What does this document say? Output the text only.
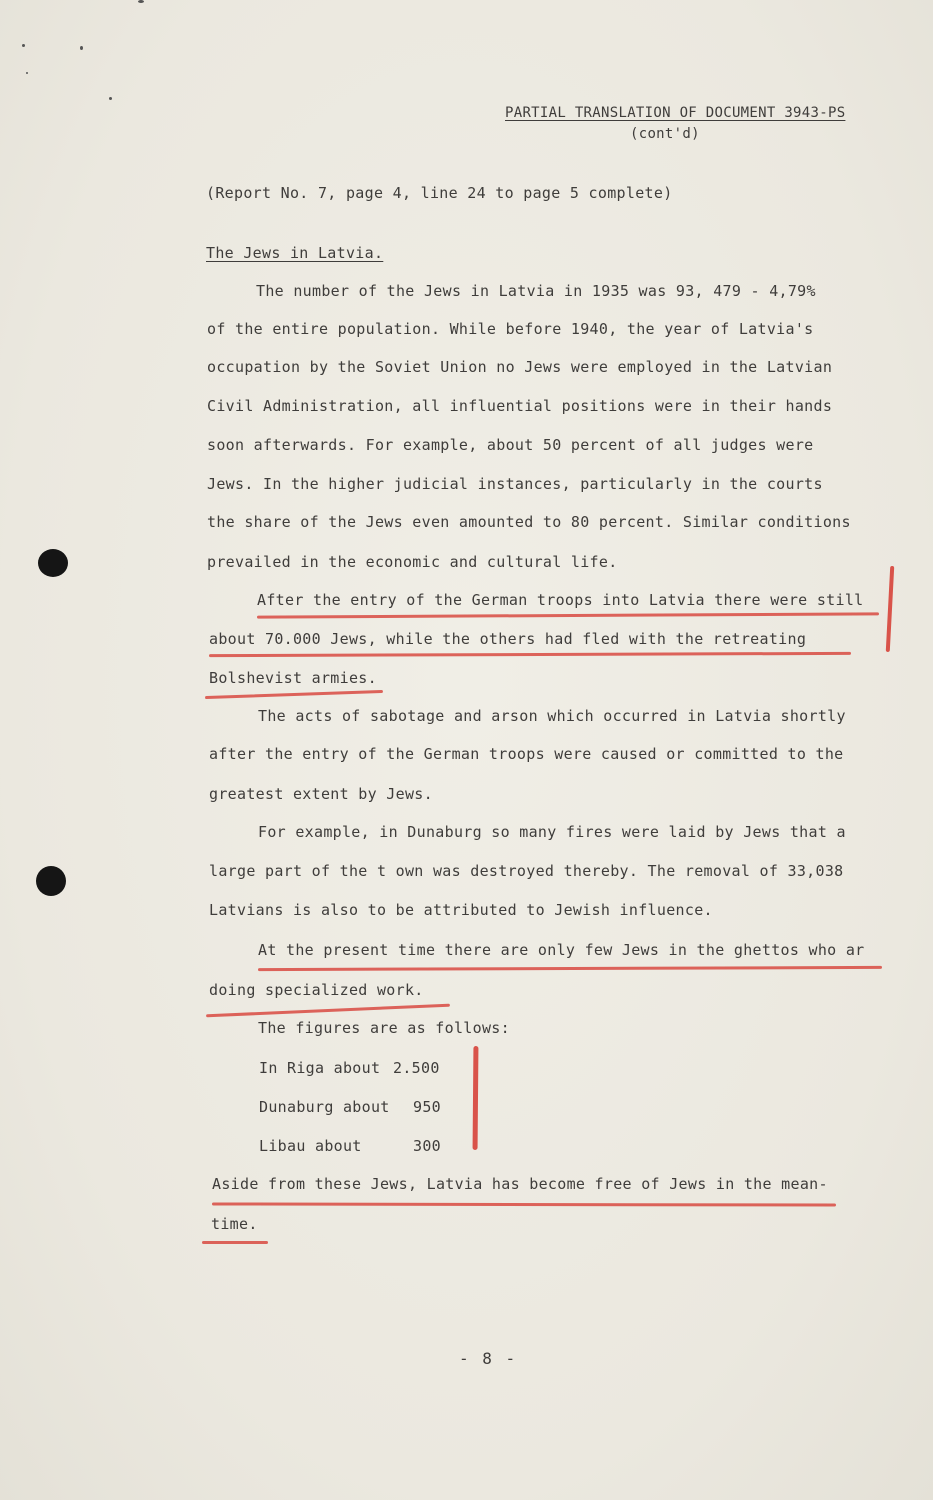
PARTIAL TRANSLATION OF DOCUMENT 3943-PS
(cont'd)
(Report No. 7, page 4, line 24 to page 5 complete)
The Jews in Latvia.
The number of the Jews in Latvia in 1935 was 93, 479 - 4,79%
of the entire population. While before 1940, the year of Latvia's
occupation by the Soviet Union no Jews were employed in the Latvian
Civil Administration, all influential positions were in their hands
soon afterwards. For example, about 50 percent of all judges were
Jews. In the higher judicial instances, particularly in the courts
the share of the Jews even amounted to 80 percent. Similar conditions
prevailed in the economic and cultural life.
After the entry of the German troops into Latvia there were still
about 70.000 Jews, while the others had fled with the retreating
Bolshevist armies.
The acts of sabotage and arson which occurred in Latvia shortly
after the entry of the German troops were caused or committed to the
greatest extent by Jews.
For example, in Dunaburg so many fires were laid by Jews that a
large part of the t own was destroyed thereby. The removal of 33,038
Latvians is also to be attributed to Jewish influence.
At the present time there are only few Jews in the ghettos who ar
doing specialized work.
The figures are as follows:
In Riga about 2.500
Dunaburg about 950
Libau about	300
Aside from these Jews, Latvia has become free of Jews in the mean-
time.
- 8 -
